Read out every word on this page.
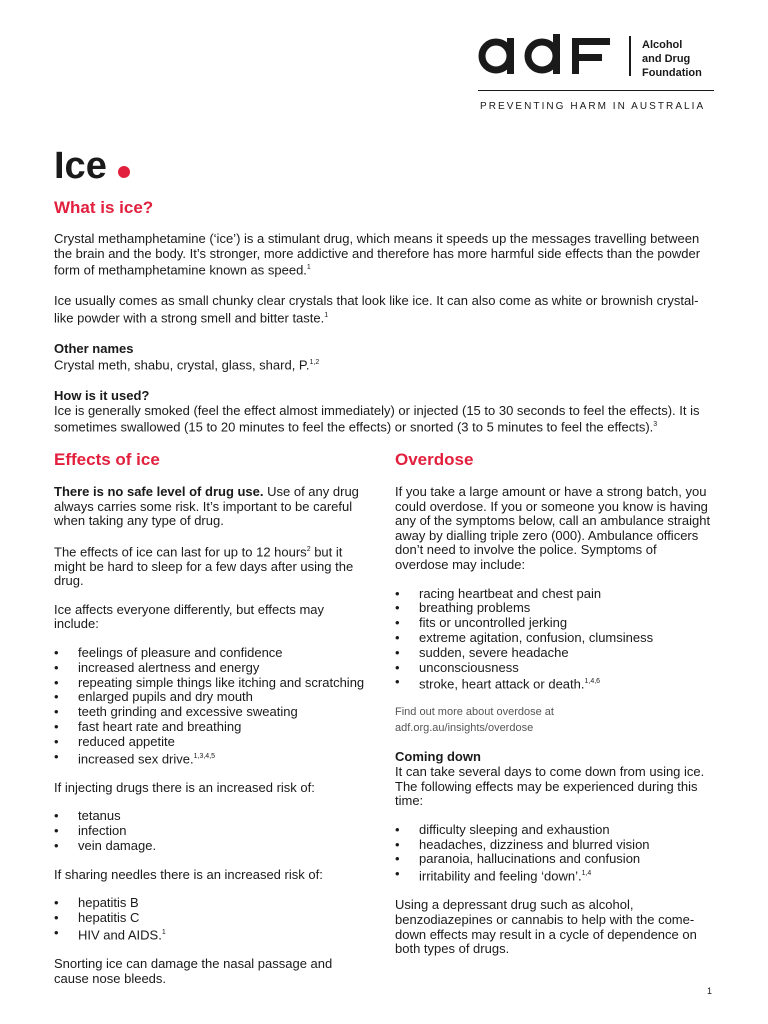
adf
Alcohol
and Drug
Foundation
PREVENTING HARM IN AUSTRALIA
Ice
What is ice?

Crystal methamphetamine (‘ice’) is a stimulant drug, which means it speeds up the messages travelling between the brain and the body. It’s stronger, more addictive and therefore has more harmful side effects than the powder form of methamphetamine known as speed.$^1$

Ice usually comes as small chunky clear crystals that look like ice. It can also come as white or brownish crystal-like powder with a strong smell and bitter taste.$^1$

Other names

Crystal meth, shabu, crystal, glass, shard, P.$^{1,2}$

How is it used?

Ice is generally smoked (feel the effect almost immediately) or injected (15 to 30 seconds to feel the effects). It is sometimes swallowed (15 to 20 minutes to feel the effects) or snorted (3 to 5 minutes to feel the effects).$^3$

Effects of ice

There is no safe level of drug use. Use of any drug always carries some risk. It’s important to be careful when taking any type of drug.

The effects of ice can last for up to 12 hours$^2$ but it might be hard to sleep for a few days after using the drug.

Ice affects everyone differently, but effects may include:

• feelings of pleasure and confidence
• increased alertness and energy
• repeating simple things like itching and scratching
• enlarged pupils and dry mouth
• teeth grinding and excessive sweating
• fast heart rate and breathing
• reduced appetite
• increased sex drive.$^{1,3,4,5}$

If injecting drugs there is an increased risk of:

• tetanus
• infection
• vein damage.

If sharing needles there is an increased risk of:

• hepatitis B
• hepatitis C
• HIV and AIDS.$^1$

Snorting ice can damage the nasal passage and cause nose bleeds.

Overdose

If you take a large amount or have a strong batch, you could overdose. If you or someone you know is having any of the symptoms below, call an ambulance straight away by dialling triple zero (000). Ambulance officers don’t need to involve the police. Symptoms of overdose may include:

• racing heartbeat and chest pain
• breathing problems
• fits or uncontrolled jerking
• extreme agitation, confusion, clumsiness
• sudden, severe headache
• unconsciousness
• stroke, heart attack or death.$^{1,4,6}$

Find out more about overdose at

adf.org.au/insights/overdose

Coming down

It can take several days to come down from using ice. The following effects may be experienced during this time:

• difficulty sleeping and exhaustion
• headaches, dizziness and blurred vision
• paranoia, hallucinations and confusion
• irritability and feeling ‘down’.$^{1,4}$

Using a depressant drug such as alcohol, benzodiazepines or cannabis to help with the come-down effects may result in a cycle of dependence on both types of drugs.

1
